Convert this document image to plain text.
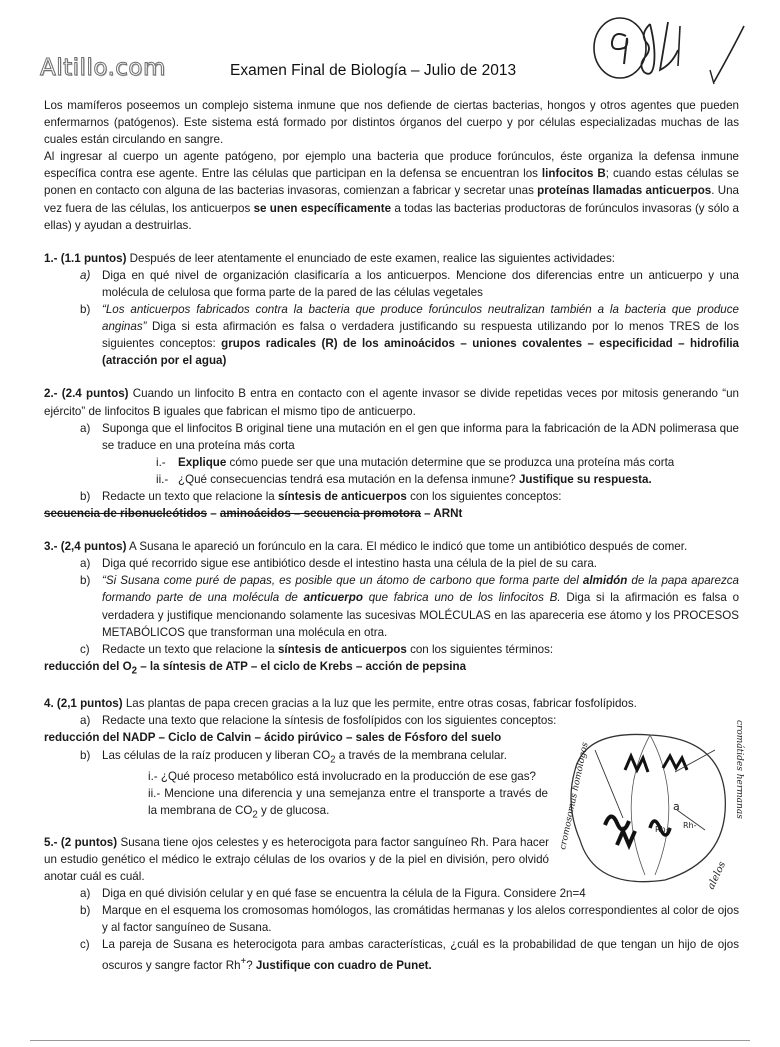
Altillo.com	Examen Final de Biología – Julio de 2013
9 84

Los mamíferos poseemos un complejo sistema inmune que nos defiende de ciertas bacterias, hongos y otros agentes que pueden enfermarnos (patógenos). Este sistema está formado por distintos órganos del cuerpo y por células especializadas muchas de las cuales están circulando en sangre.

Al ingresar al cuerpo un agente patógeno, por ejemplo una bacteria que produce forúnculos, éste organiza la defensa inmune específica contra ese agente. Entre las células que participan en la defensa se encuentran los linfocitos B; cuando estas células se ponen en contacto con alguna de las bacterias invasoras, comienzan a fabricar y secretar unas proteínas llamadas anticuerpos. Una vez fuera de las células, los anticuerpos se unen específicamente a todas las bacterias productoras de forúnculos invasoras (y sólo a ellas) y ayudan a destruirlas.

1.- (1.1 puntos) Después de leer atentamente el enunciado de este examen, realice las siguientes actividades:

a)	Diga en qué nivel de organización clasificaría a los anticuerpos. Mencione dos diferencias entre un anticuerpo y una molécula de celulosa que forma parte de la pared de las células vegetales
b)	“Los anticuerpos fabricados contra la bacteria que produce forúnculos neutralizan también a la bacteria que produce anginas” Diga si esta afirmación es falsa o verdadera justificando su respuesta utilizando por lo menos TRES de los siguientes conceptos: grupos radicales (R) de los aminoácidos – uniones covalentes – especificidad – hidrofilia (atracción por el agua)

2.- (2.4 puntos) Cuando un linfocito B entra en contacto con el agente invasor se divide repetidas veces por mitosis generando “un ejército” de linfocitos B iguales que fabrican el mismo tipo de anticuerpo.

a)	Suponga que el linfocitos B original tiene una mutación en el gen que informa para la fabricación de la ADN polimerasa que se traduce en una proteína más corta
i.-	Explique cómo puede ser que una mutación determine que se produzca una proteína más corta
ii.- ¿Qué consecuencias tendrá esa mutación en la defensa inmune? Justifique su respuesta.
b)	Redacte un texto que relacione la síntesis de anticuerpos con los siguientes conceptos:

secuencia de ribonucleótidos – aminoácidos – secuencia promotora – ARNt

3.- (2,4 puntos) A Susana le apareció un forúnculo en la cara. El médico le indicó que tome un antibiótico después de comer.

a)	Diga qué recorrido sigue ese antibiótico desde el intestino hasta una célula de la piel de su cara.
b)	“Si Susana come puré de papas, es posible que un átomo de carbono que forma parte del almidón de la papa aparezca formando parte de una molécula de anticuerpo que fabrica uno de los linfocitos B. Diga si la afirmación es falsa o verdadera y justifique mencionando solamente las sucesivas MOLÉCULAS en las apareceria ese átomo y los PROCESOS METABÓLICOS que transforman una molécula en otra.
c)	Redacte un texto que relacione la síntesis de anticuerpos con los siguientes términos:

reducción del $O_2$ – la síntesis de ATP – el ciclo de Krebs – acción de pepsina

4. (2,1 puntos) Las plantas de papa crecen gracias a la luz que les permite, entre otras cosas, fabricar fosfolípidos.

a)	Redacte una texto que relacione la síntesis de fosfolípidos con los siguientes conceptos:

reducción del NADP – Ciclo de Calvin – ácido pirúvico – sales de Fósforo del suelo

b)	Las células de la raíz producen y liberan $CO_2$ a través de la membrana celular.

i.- ¿Qué proceso metabólico está involucrado en la producción de ese gas?

ii.- Mencione una diferencia y una semejanza entre el transporte a través de la membrana de $CO_2$ y de glucosa.

5.- (2 puntos) Susana tiene ojos celestes y es heterocigota para factor sanguíneo Rh. Para hacer un estudio genético el médico le extrajo células de los ovarios y de la piel en división, pero olvidó anotar cuál es cuál.

a)	Diga en qué división celular y en qué fase se encuentra la célula de la Figura. Considere 2n=4
b)	Marque en el esquema los cromosomas homólogos, las cromátidas hermanas y los alelos correspondientes al color de ojos y al factor sanguíneo de Susana.
c)	La pareja de Susana es heterocigota para ambas características, ¿cuál es la probabilidad de que tengan un hijo de ojos oscuros y sangre factor Rh+? Justifique con cuadro de Punet.
a
Rh+ Rh-
cromátides hermanas
cromosomas homólogos
alelos
